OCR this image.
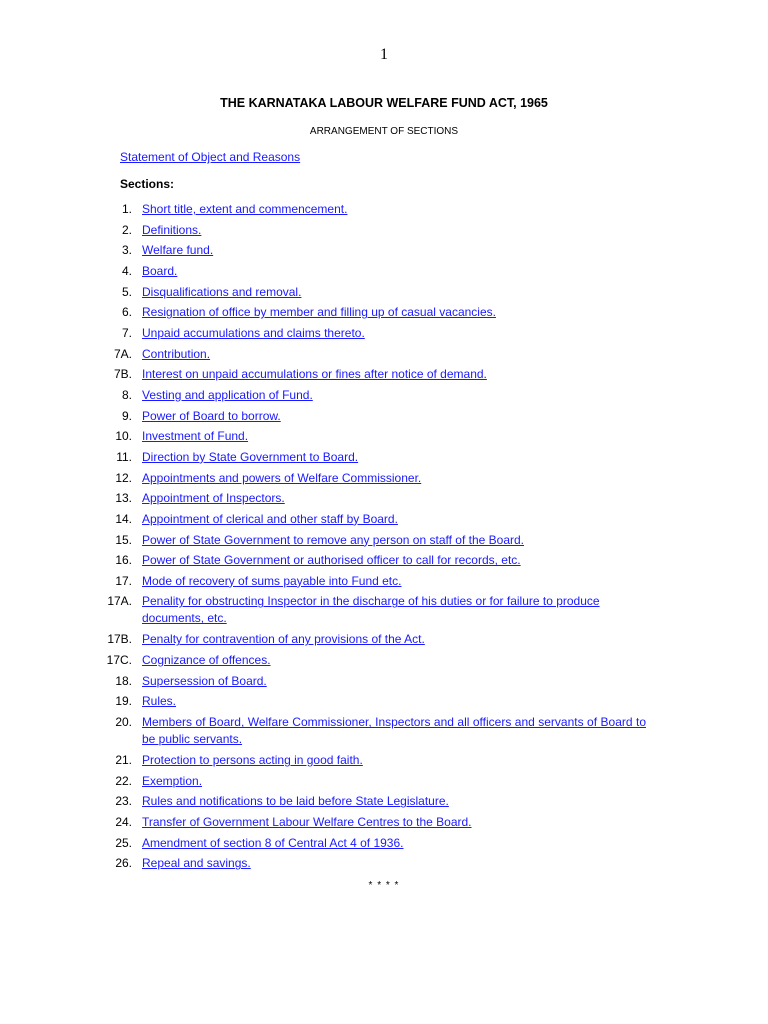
1
THE KARNATAKA LABOUR WELFARE FUND ACT, 1965
ARRANGEMENT OF SECTIONS
Statement of Object and Reasons
Sections:
1. Short title, extent and commencement.
2. Definitions.
3. Welfare fund.
4. Board.
5. Disqualifications and removal.
6. Resignation of office by member and filling up of casual vacancies.
7. Unpaid accumulations and claims thereto.
7A. Contribution.
7B. Interest on unpaid accumulations or fines after notice of demand.
8. Vesting and application of Fund.
9. Power of Board to borrow.
10. Investment of Fund.
11. Direction by State Government to Board.
12. Appointments and powers of Welfare Commissioner.
13. Appointment of Inspectors.
14. Appointment of clerical and other staff by Board.
15. Power of State Government to remove any person on staff of the Board.
16. Power of State Government or authorised officer to call for records, etc.
17. Mode of recovery of sums payable into Fund etc.
17A. Penality for obstructing Inspector in the discharge of his duties or for failure to produce documents, etc.
17B. Penalty for contravention of any provisions of the Act.
17C. Cognizance of offences.
18. Supersession of Board.
19. Rules.
20. Members of Board, Welfare Commissioner, Inspectors and all officers and servants of Board to be public servants.
21. Protection to persons acting in good faith.
22. Exemption.
23. Rules and notifications to be laid before State Legislature.
24. Transfer of Government Labour Welfare Centres to the Board.
25. Amendment of section 8 of Central Act 4 of 1936.
26. Repeal and savings.
* * * *
